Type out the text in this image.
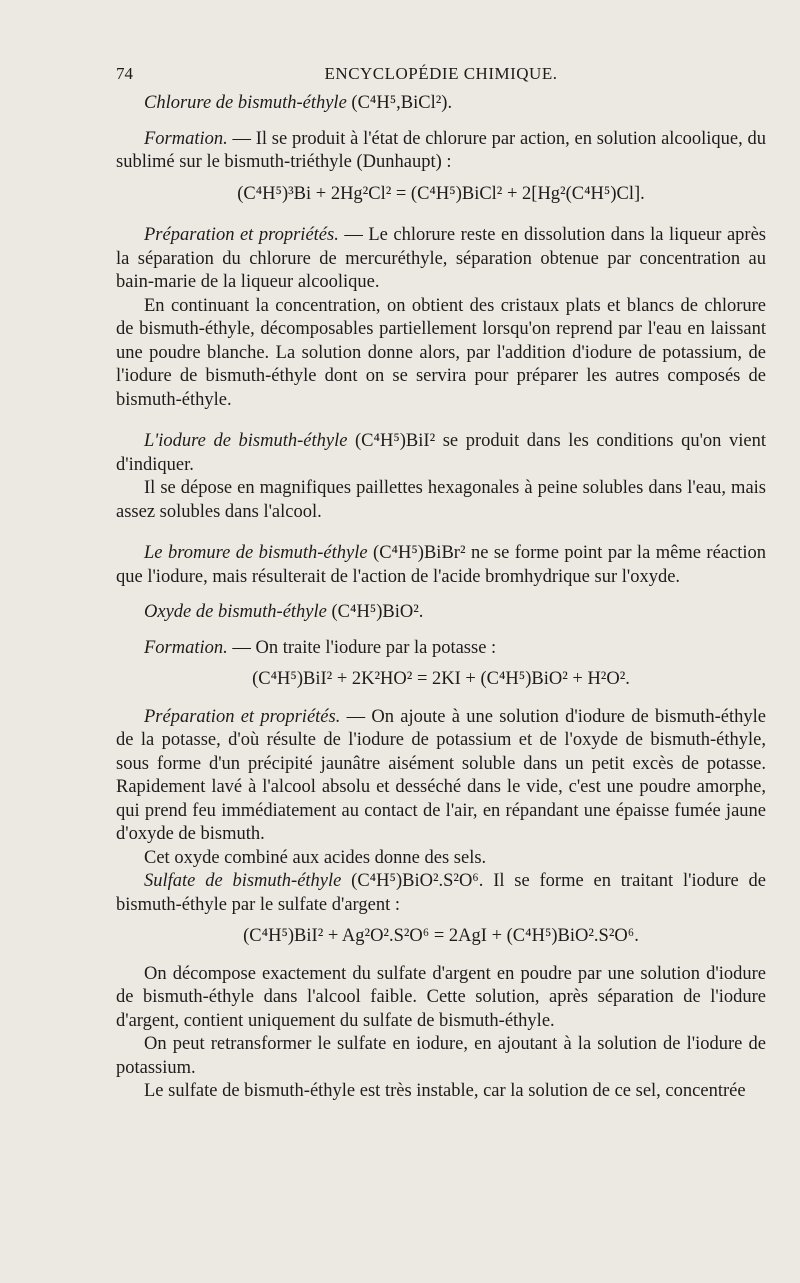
74	ENCYCLOPÉDIE CHIMIQUE.

Chlorure de bismuth-éthyle (C⁴H⁵,BiCl²).

Formation. — Il se produit à l'état de chlorure par action, en solution alcoolique, du sublimé sur le bismuth-triéthyle (Dunhaupt) :

(C⁴H⁵)³Bi + 2Hg²Cl² = (C⁴H⁵)BiCl² + 2[Hg²(C⁴H⁵)Cl].

Préparation et propriétés. — Le chlorure reste en dissolution dans la liqueur après la séparation du chlorure de mercuréthyle, séparation obtenue par concentration au bain-marie de la liqueur alcoolique.

En continuant la concentration, on obtient des cristaux plats et blancs de chlorure de bismuth-éthyle, décomposables partiellement lorsqu'on reprend par l'eau en laissant une poudre blanche. La solution donne alors, par l'addition d'iodure de potassium, de l'iodure de bismuth-éthyle dont on se servira pour préparer les autres composés de bismuth-éthyle.

L'iodure de bismuth-éthyle (C⁴H⁵)BiI² se produit dans les conditions qu'on vient d'indiquer.

Il se dépose en magnifiques paillettes hexagonales à peine solubles dans l'eau, mais assez solubles dans l'alcool.

Le bromure de bismuth-éthyle (C⁴H⁵)BiBr² ne se forme point par la même réaction que l'iodure, mais résulterait de l'action de l'acide bromhydrique sur l'oxyde.

Oxyde de bismuth-éthyle (C⁴H⁵)BiO².

Formation. — On traite l'iodure par la potasse :

(C⁴H⁵)BiI² + 2K²HO² = 2KI + (C⁴H⁵)BiO² + H²O².

Préparation et propriétés. — On ajoute à une solution d'iodure de bismuth-éthyle de la potasse, d'où résulte de l'iodure de potassium et de l'oxyde de bismuth-éthyle, sous forme d'un précipité jaunâtre aisément soluble dans un petit excès de potasse. Rapidement lavé à l'alcool absolu et desséché dans le vide, c'est une poudre amorphe, qui prend feu immédiatement au contact de l'air, en répandant une épaisse fumée jaune d'oxyde de bismuth.

Cet oxyde combiné aux acides donne des sels.

Sulfate de bismuth-éthyle (C⁴H⁵)BiO².S²O⁶. Il se forme en traitant l'iodure de bismuth-éthyle par le sulfate d'argent :

(C⁴H⁵)BiI² + Ag²O².S²O⁶ = 2AgI + (C⁴H⁵)BiO².S²O⁶.

On décompose exactement du sulfate d'argent en poudre par une solution d'iodure de bismuth-éthyle dans l'alcool faible. Cette solution, après séparation de l'iodure d'argent, contient uniquement du sulfate de bismuth-éthyle.

On peut retransformer le sulfate en iodure, en ajoutant à la solution de l'iodure de potassium.

Le sulfate de bismuth-éthyle est très instable, car la solution de ce sel, concentrée
